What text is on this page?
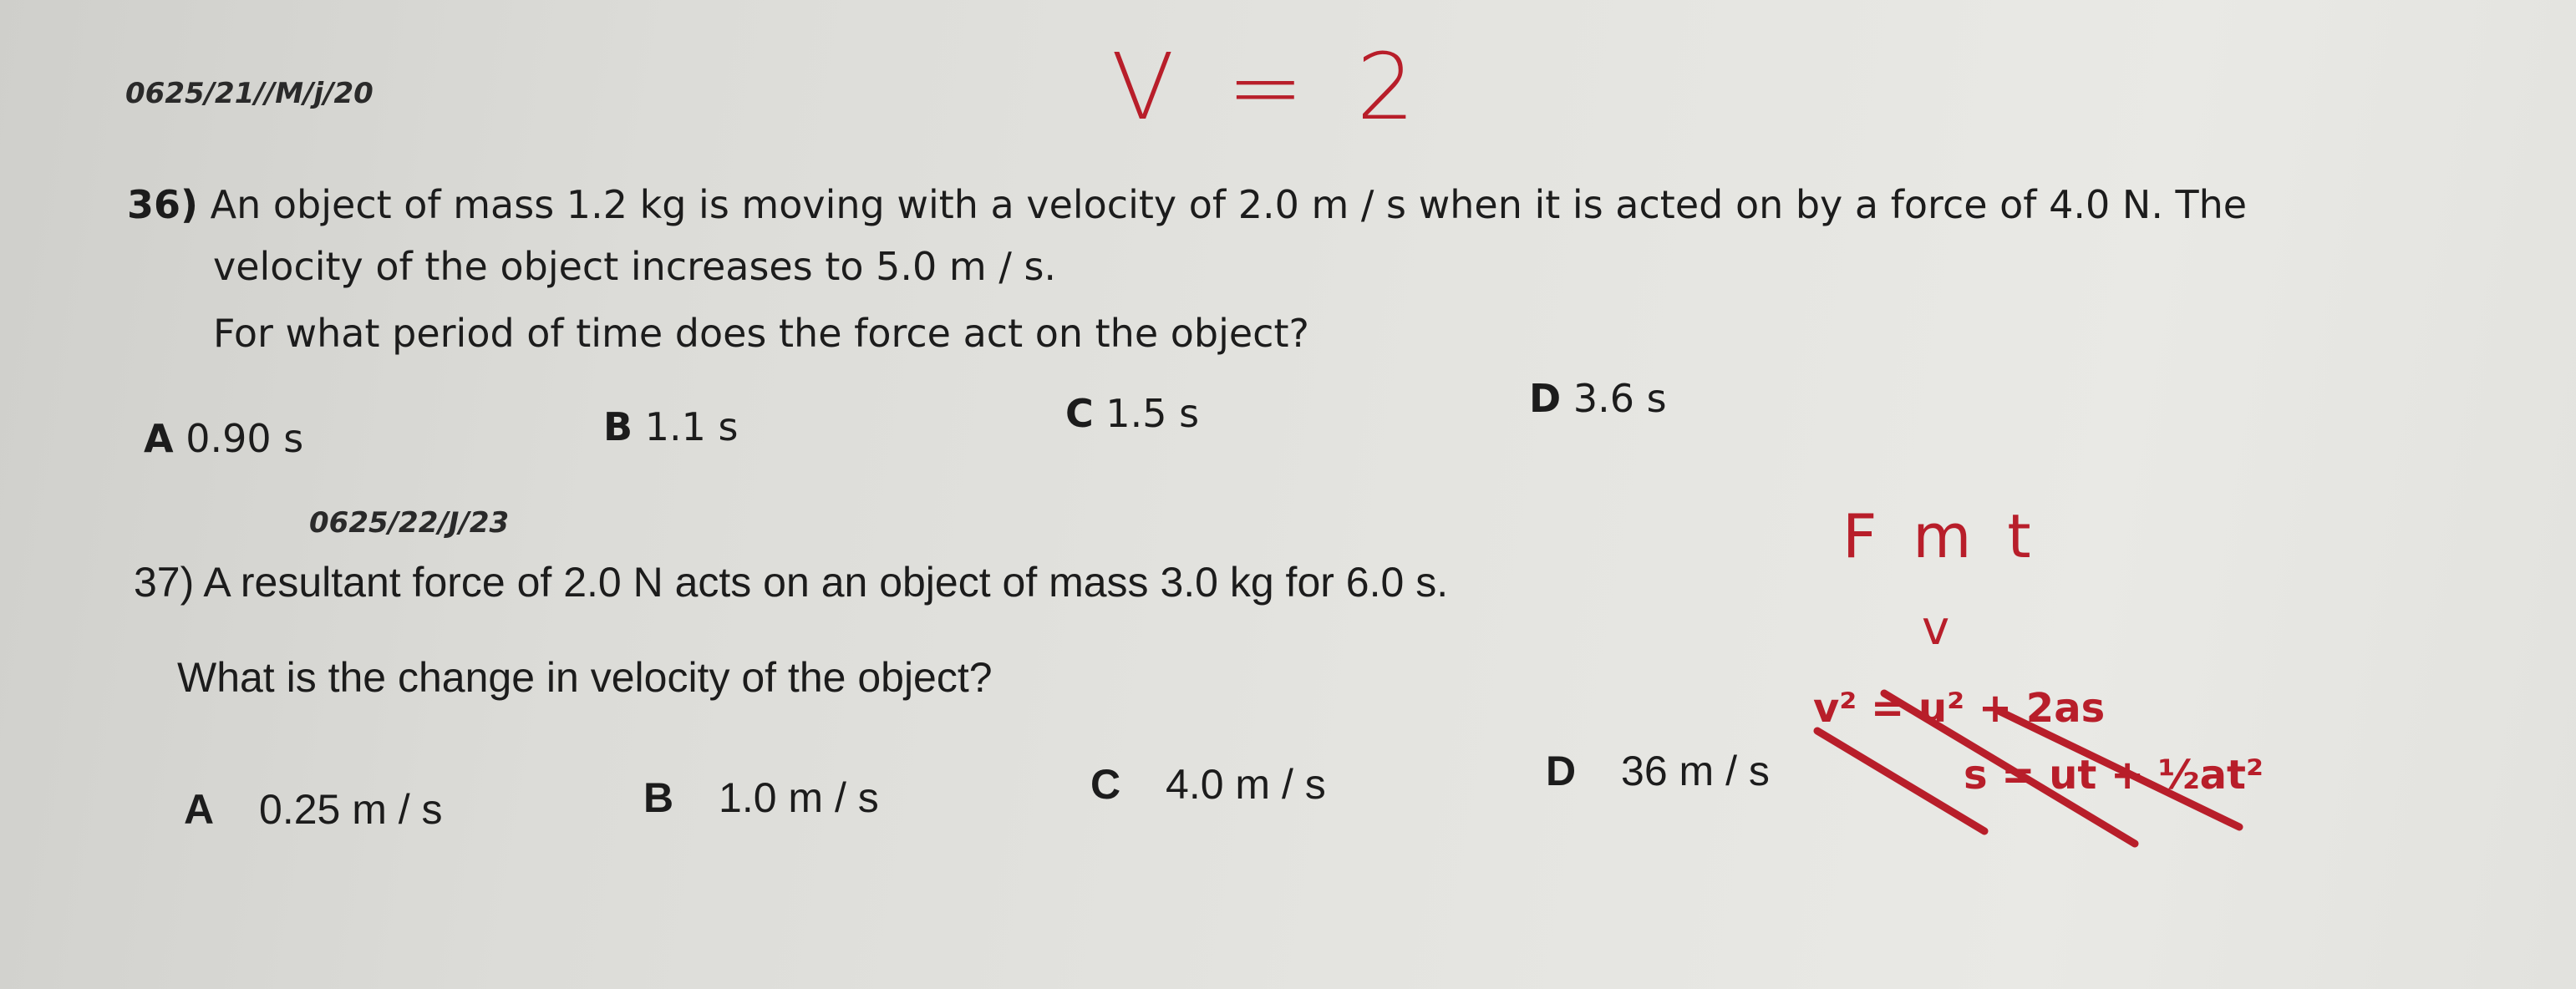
0625/21//M/j/20
36) An object of mass 1.2 kg is moving with a velocity of 2.0 m / s when it is acted on by a force of 4.0 N. The
velocity of the object increases to 5.0 m / s.
For what period of time does the force act on the object?
A 0.90 s	B 1.1 s	C 1.5 s	D 3.6 s
0625/22/J/23
37) A resultant force of 2.0 N acts on an object of mass 3.0 kg for 6.0 s.
What is the change in velocity of the object?
A 0.25 m / s	B 1.0 m / s	C 4.0 m / s	D 36 m / s
V = 2
F m t
v
v² = u² + 2as
s = ut + ½at²
